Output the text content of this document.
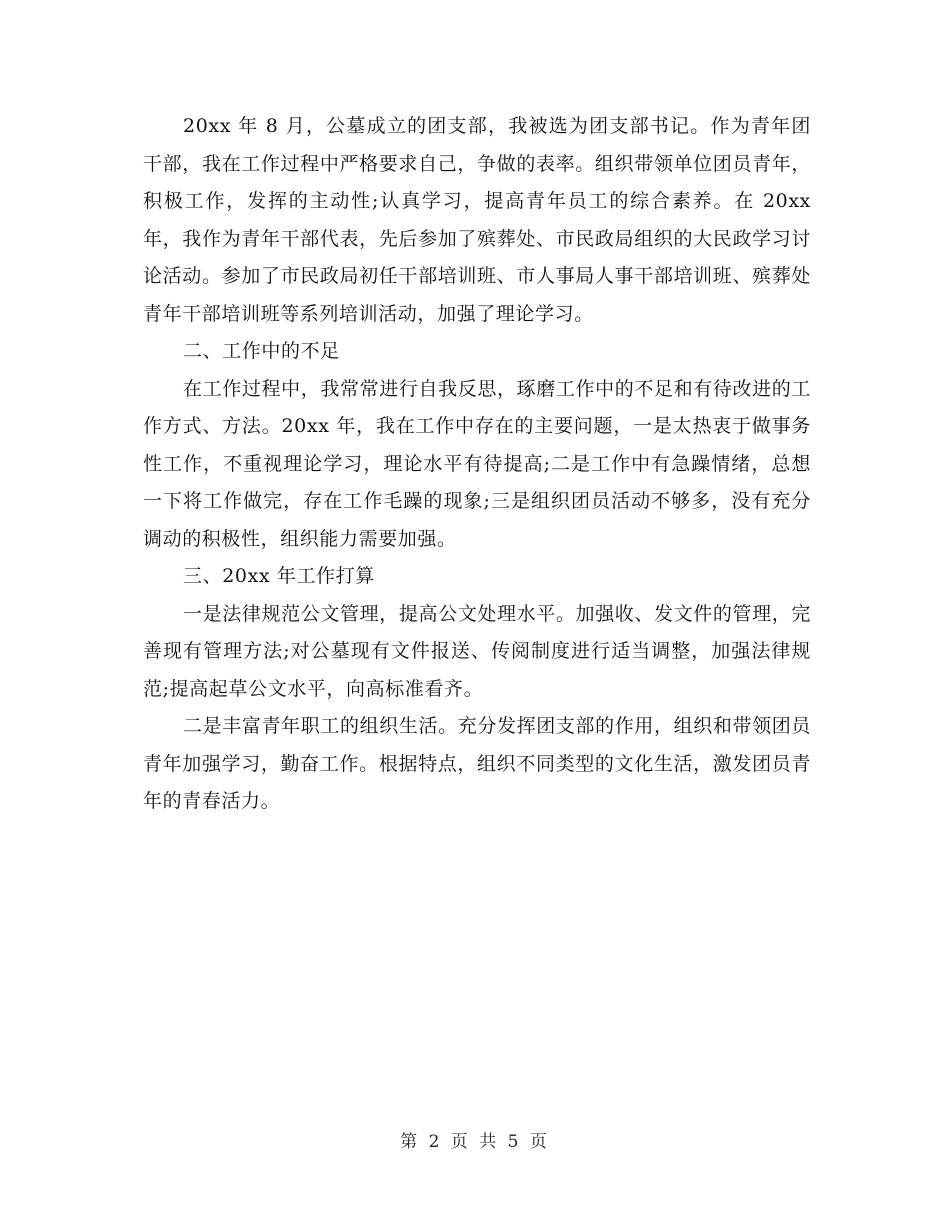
20xx 年 8 月，公墓成立的团支部，我被选为团支部书记。作为青年团干部，我在工作过程中严格要求自己，争做的表率。组织带领单位团员青年，积极工作，发挥的主动性;认真学习，提高青年员工的综合素养。在 20xx 年，我作为青年干部代表，先后参加了殡葬处、市民政局组织的大民政学习讨论活动。参加了市民政局初任干部培训班、市人事局人事干部培训班、殡葬处青年干部培训班等系列培训活动，加强了理论学习。

二、工作中的不足

在工作过程中，我常常进行自我反思，琢磨工作中的不足和有待改进的工作方式、方法。20xx 年，我在工作中存在的主要问题，一是太热衷于做事务性工作，不重视理论学习，理论水平有待提高;二是工作中有急躁情绪，总想一下将工作做完，存在工作毛躁的现象;三是组织团员活动不够多，没有充分调动的积极性，组织能力需要加强。

三、20xx 年工作打算

一是法律规范公文管理，提高公文处理水平。加强收、发文件的管理，完善现有管理方法;对公墓现有文件报送、传阅制度进行适当调整，加强法律规范;提高起草公文水平，向高标准看齐。

二是丰富青年职工的组织生活。充分发挥团支部的作用，组织和带领团员青年加强学习，勤奋工作。根据特点，组织不同类型的文化生活，激发团员青年的青春活力。

第 2 页 共 5 页
